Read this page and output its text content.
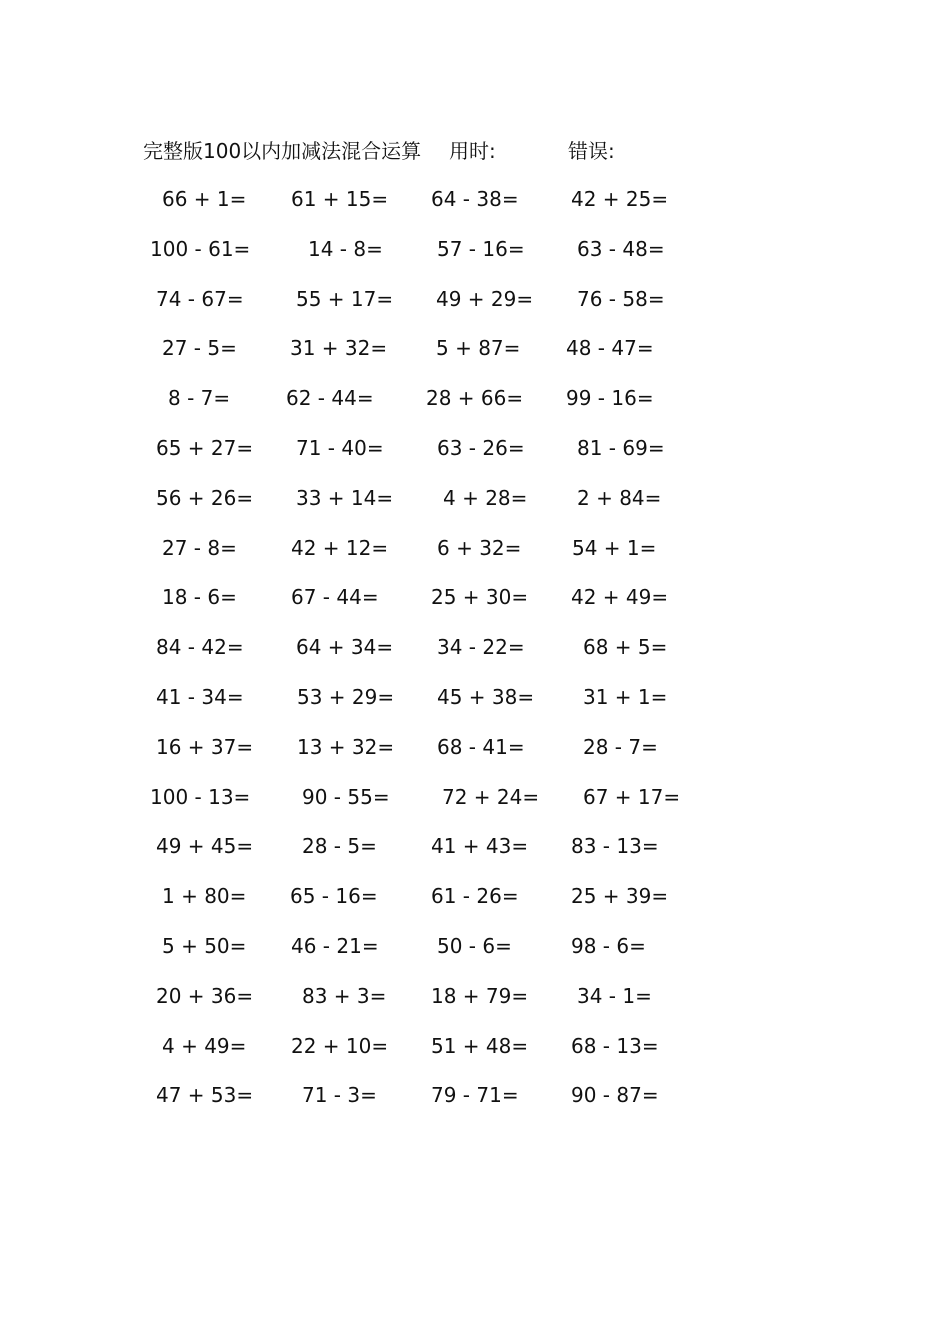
完整版100以内加减法混合运算 用时:	错误:
66 + 1= 61 + 15= 64 - 38=	42 + 25=
100 - 61=	14 - 8=	57 - 16=	63 - 48=
74 - 67=	55 + 17= 49 + 29= 76 - 58=
27 - 5=	31 + 32= 5 + 87= 48 - 47=
8 - 7=	62 - 44=	28 + 66= 99 - 16=
65 + 27= 71 - 40=	63 - 26=	81 - 69=
56 + 26= 33 + 14= 4 + 28= 2 + 84=
27 - 8=	42 + 12= 6 + 32=	54 + 1=
18 - 6=	67 - 44=	25 + 30= 42 + 49=
84 - 42=	64 + 34= 34 - 22=	68 + 5=
41 - 34=	53 + 29= 45 + 38= 31 + 1=
16 + 37= 13 + 32= 68 - 41=	28 - 7=
100 - 13=	90 - 55=	72 + 24= 67 + 17=
49 + 45= 28 - 5=	41 + 43= 83 - 13=
1 + 80= 65 - 16=	61 - 26=	25 + 39=
5 + 50= 46 - 21=	50 - 6=	98 - 6=
20 + 36= 83 + 3= 18 + 79= 34 - 1=
4 + 49= 22 + 10= 51 + 48= 68 - 13=
47 + 53= 71 - 3=	79 - 71=	90 - 87=
